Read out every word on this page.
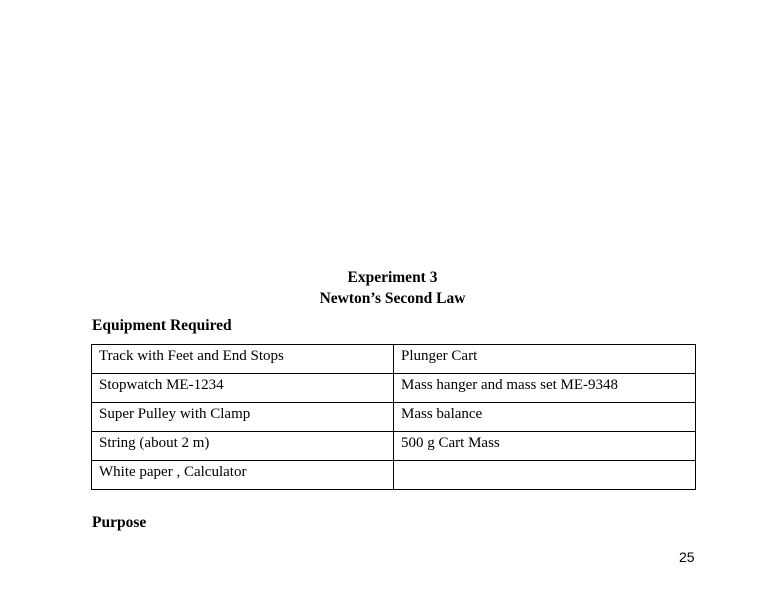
Experiment 3
Newton’s Second Law
Equipment Required
Track with Feet and End Stops	Plunger Cart
Stopwatch ME-1234	Mass hanger and mass set ME-9348
Super Pulley with Clamp	Mass balance
String (about 2 m)	500 g Cart Mass
White paper , Calculator	
Purpose
25
